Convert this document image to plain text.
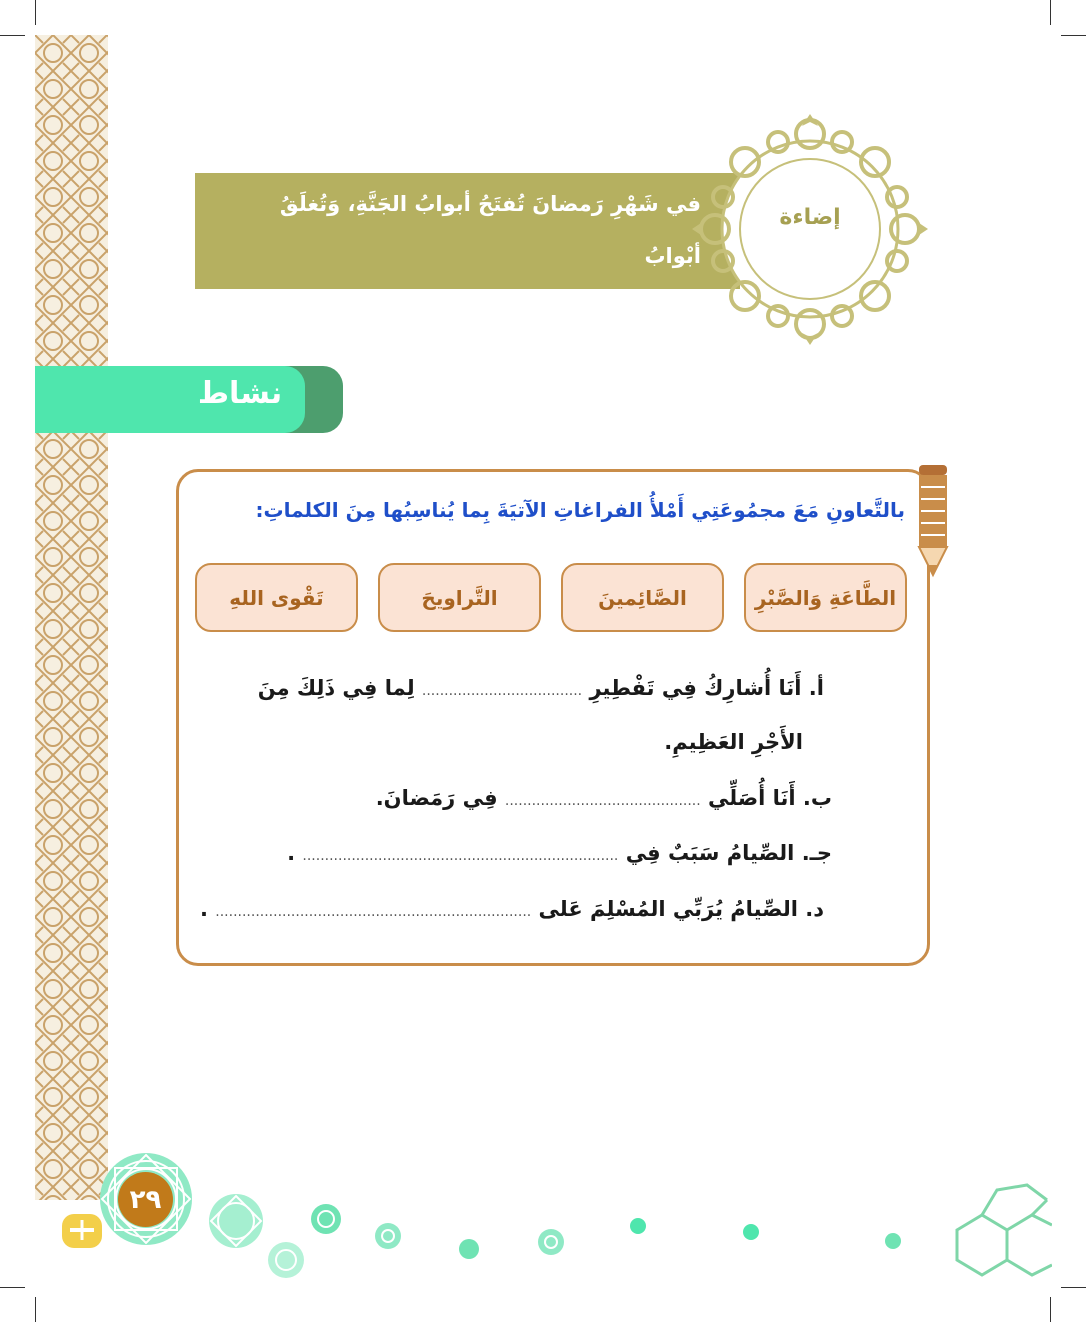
في شَهْرِ رَمضانَ تُفتَحُ أبوابُ الجَنَّةِ، وَتُغلَقُ أبْوابُ
النَّارِ، فَما أسْعَدَنا بِهَذا الشَّهرِ العَظيمِ.
إضاءة
نشاط
بالتَّعاونِ مَعَ مجمُوعَتِي أَمْلأُ الفراغاتِ الآتيَةَ بِما يُناسِبُها مِنَ الكلماتِ:
الطَّاعَةِ وَالصَّبْرِ
الصَّائِمينَ
التَّراويحَ
تَقْوى اللهِ
أ. أَنَا أُشارِكُ فِي تَفْطِيرِ .................................... لِما فِي ذَلِكَ مِنَ
الأَجْرِ العَظِيمِ.
ب. أَنَا أُصَلِّي ............................................ فِي رَمَضانَ.
جـ. الصِّيامُ سَبَبٌ فِي ....................................................................... .
د. الصِّيامُ يُرَبِّي المُسْلِمَ عَلى ....................................................................... .
٢٩
